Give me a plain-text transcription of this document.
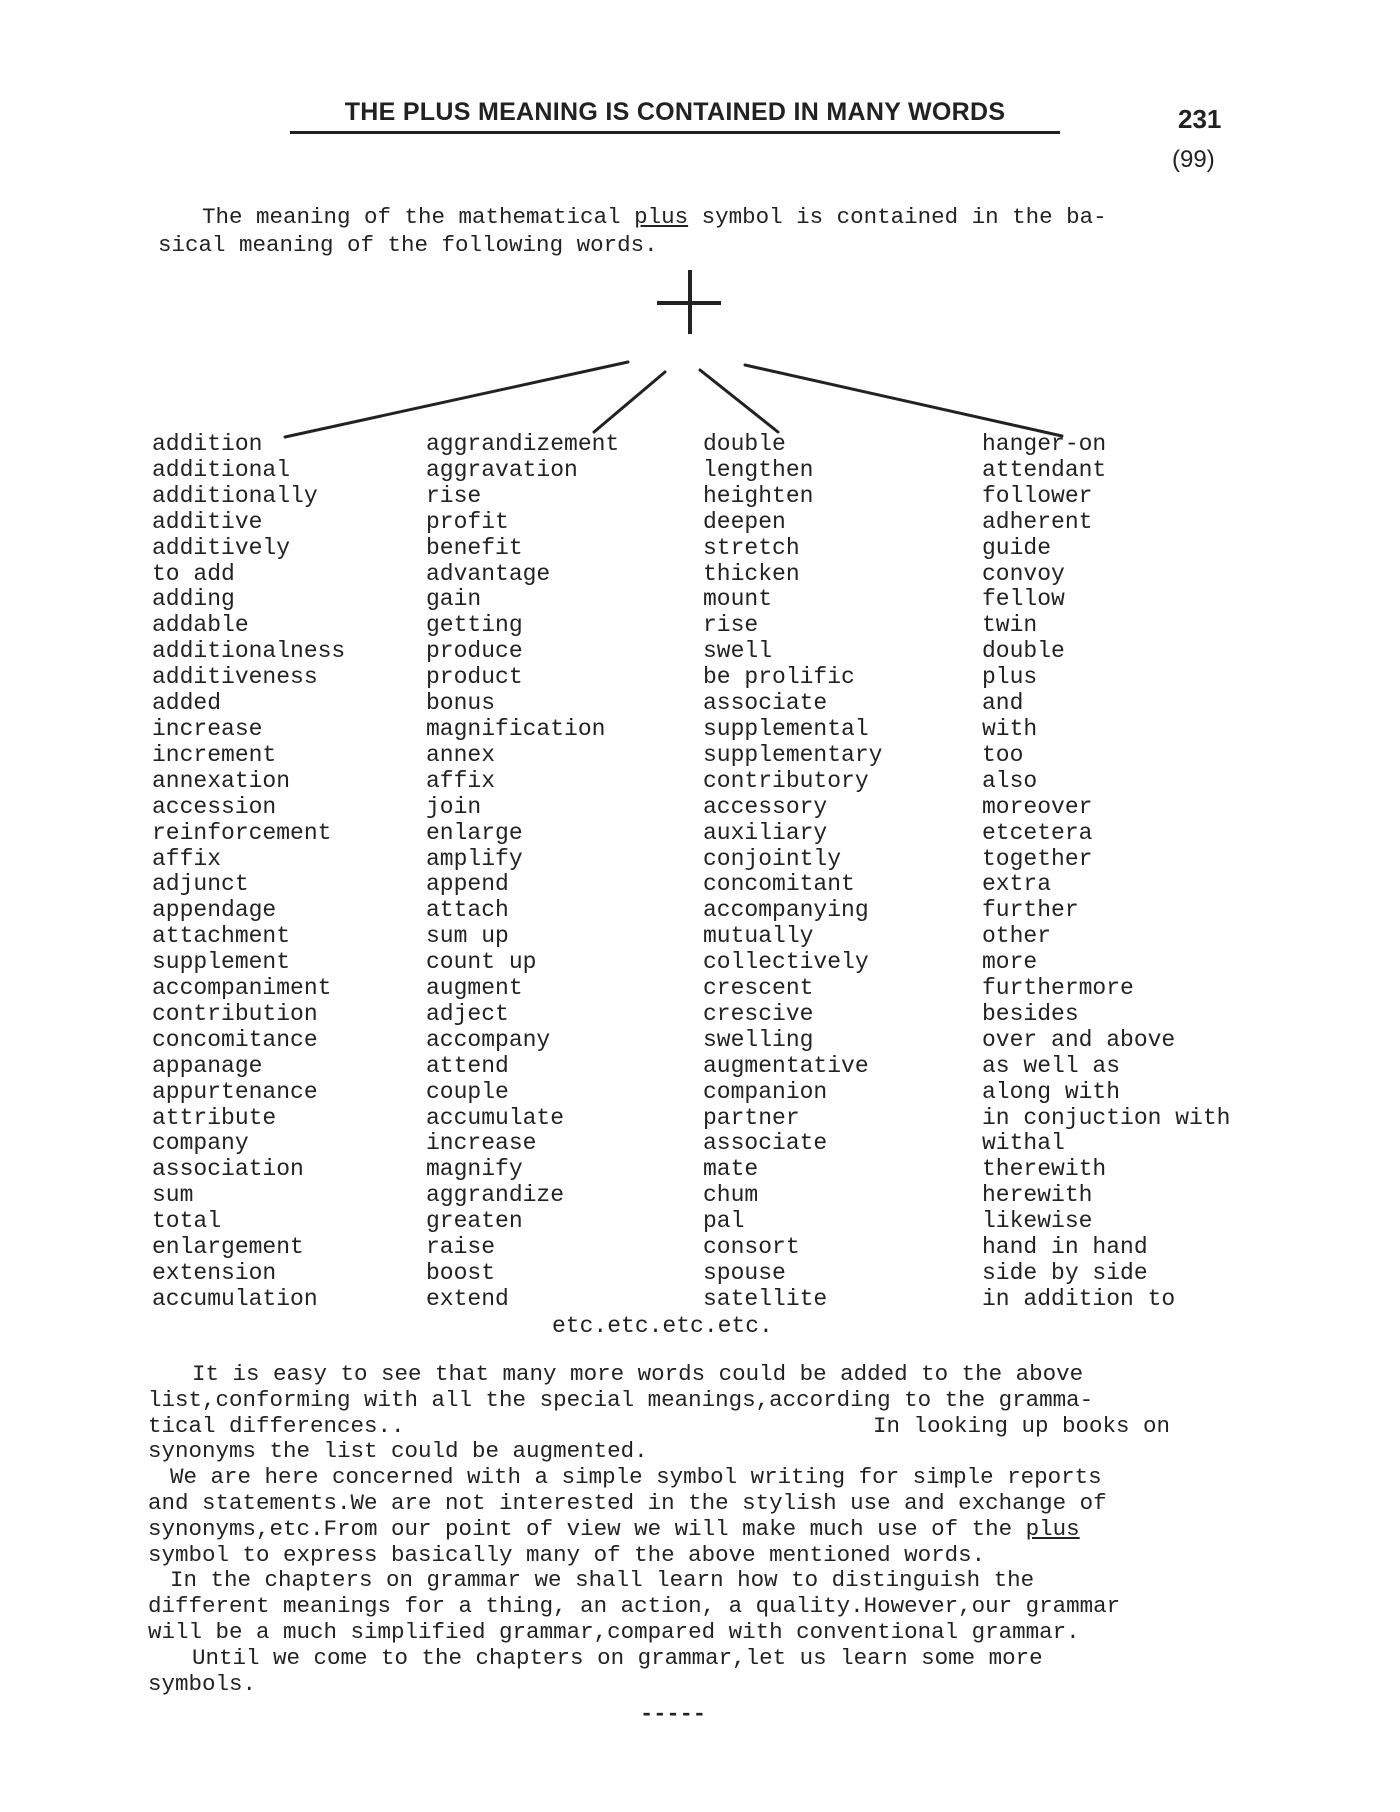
THE PLUS MEANING IS CONTAINED IN MANY WORDS	231
(99)

The meaning of the mathematical plus symbol is contained in the ba-

sical meaning of the following words.

addition
additional
additionally
additive
additively
to add
adding
addable
additionalness
additiveness
added
increase
increment
annexation
accession
reinforcement
affix
adjunct
appendage
attachment
supplement
accompaniment
contribution
concomitance
appanage
appurtenance
attribute
company
association
sum
total
enlargement
extension
accumulation
aggrandizement
aggravation
rise
profit
benefit
advantage
gain
getting
produce
product
bonus
magnification
annex
affix
join
enlarge
amplify
append
attach
sum up
count up
augment
adject
accompany
attend
couple
accumulate
increase
magnify
aggrandize
greaten
raise
boost
extend
double
lengthen
heighten
deepen
stretch
thicken
mount
rise
swell
be prolific
associate
supplemental
supplementary
contributory
accessory
auxiliary
conjointly
concomitant
accompanying
mutually
collectively
crescent
crescive
swelling
augmentative
companion
partner
associate
mate
chum
pal
consort
spouse
satellite
hanger-on
attendant
follower
adherent
guide
convoy
fellow
twin
double
plus
and
with
too
also
moreover
etcetera
together
extra
further
other
more
furthermore
besides
over and above
as well as
along with
in conjuction with
withal
therewith
herewith
likewise
hand in hand
side by side
in addition to
etc.etc.etc.etc.

It is easy to see that many more words could be added to the above

list,conforming with all the special meanings,according to the gramma-

tical differences..	In looking up books on

synonyms the list could be augmented.

We are here concerned with a simple symbol writing for simple reports

and statements.We are not interested in the stylish use and exchange of

synonyms,etc.From our point of view we will make much use of the plus

symbol to express basically many of the above mentioned words.

In the chapters on grammar we shall learn how to distinguish the

different meanings for a thing, an action, a quality.However,our grammar

will be a much simplified grammar,compared with conventional grammar.

Until we come to the chapters on grammar,let us learn some more

symbols.

-----
